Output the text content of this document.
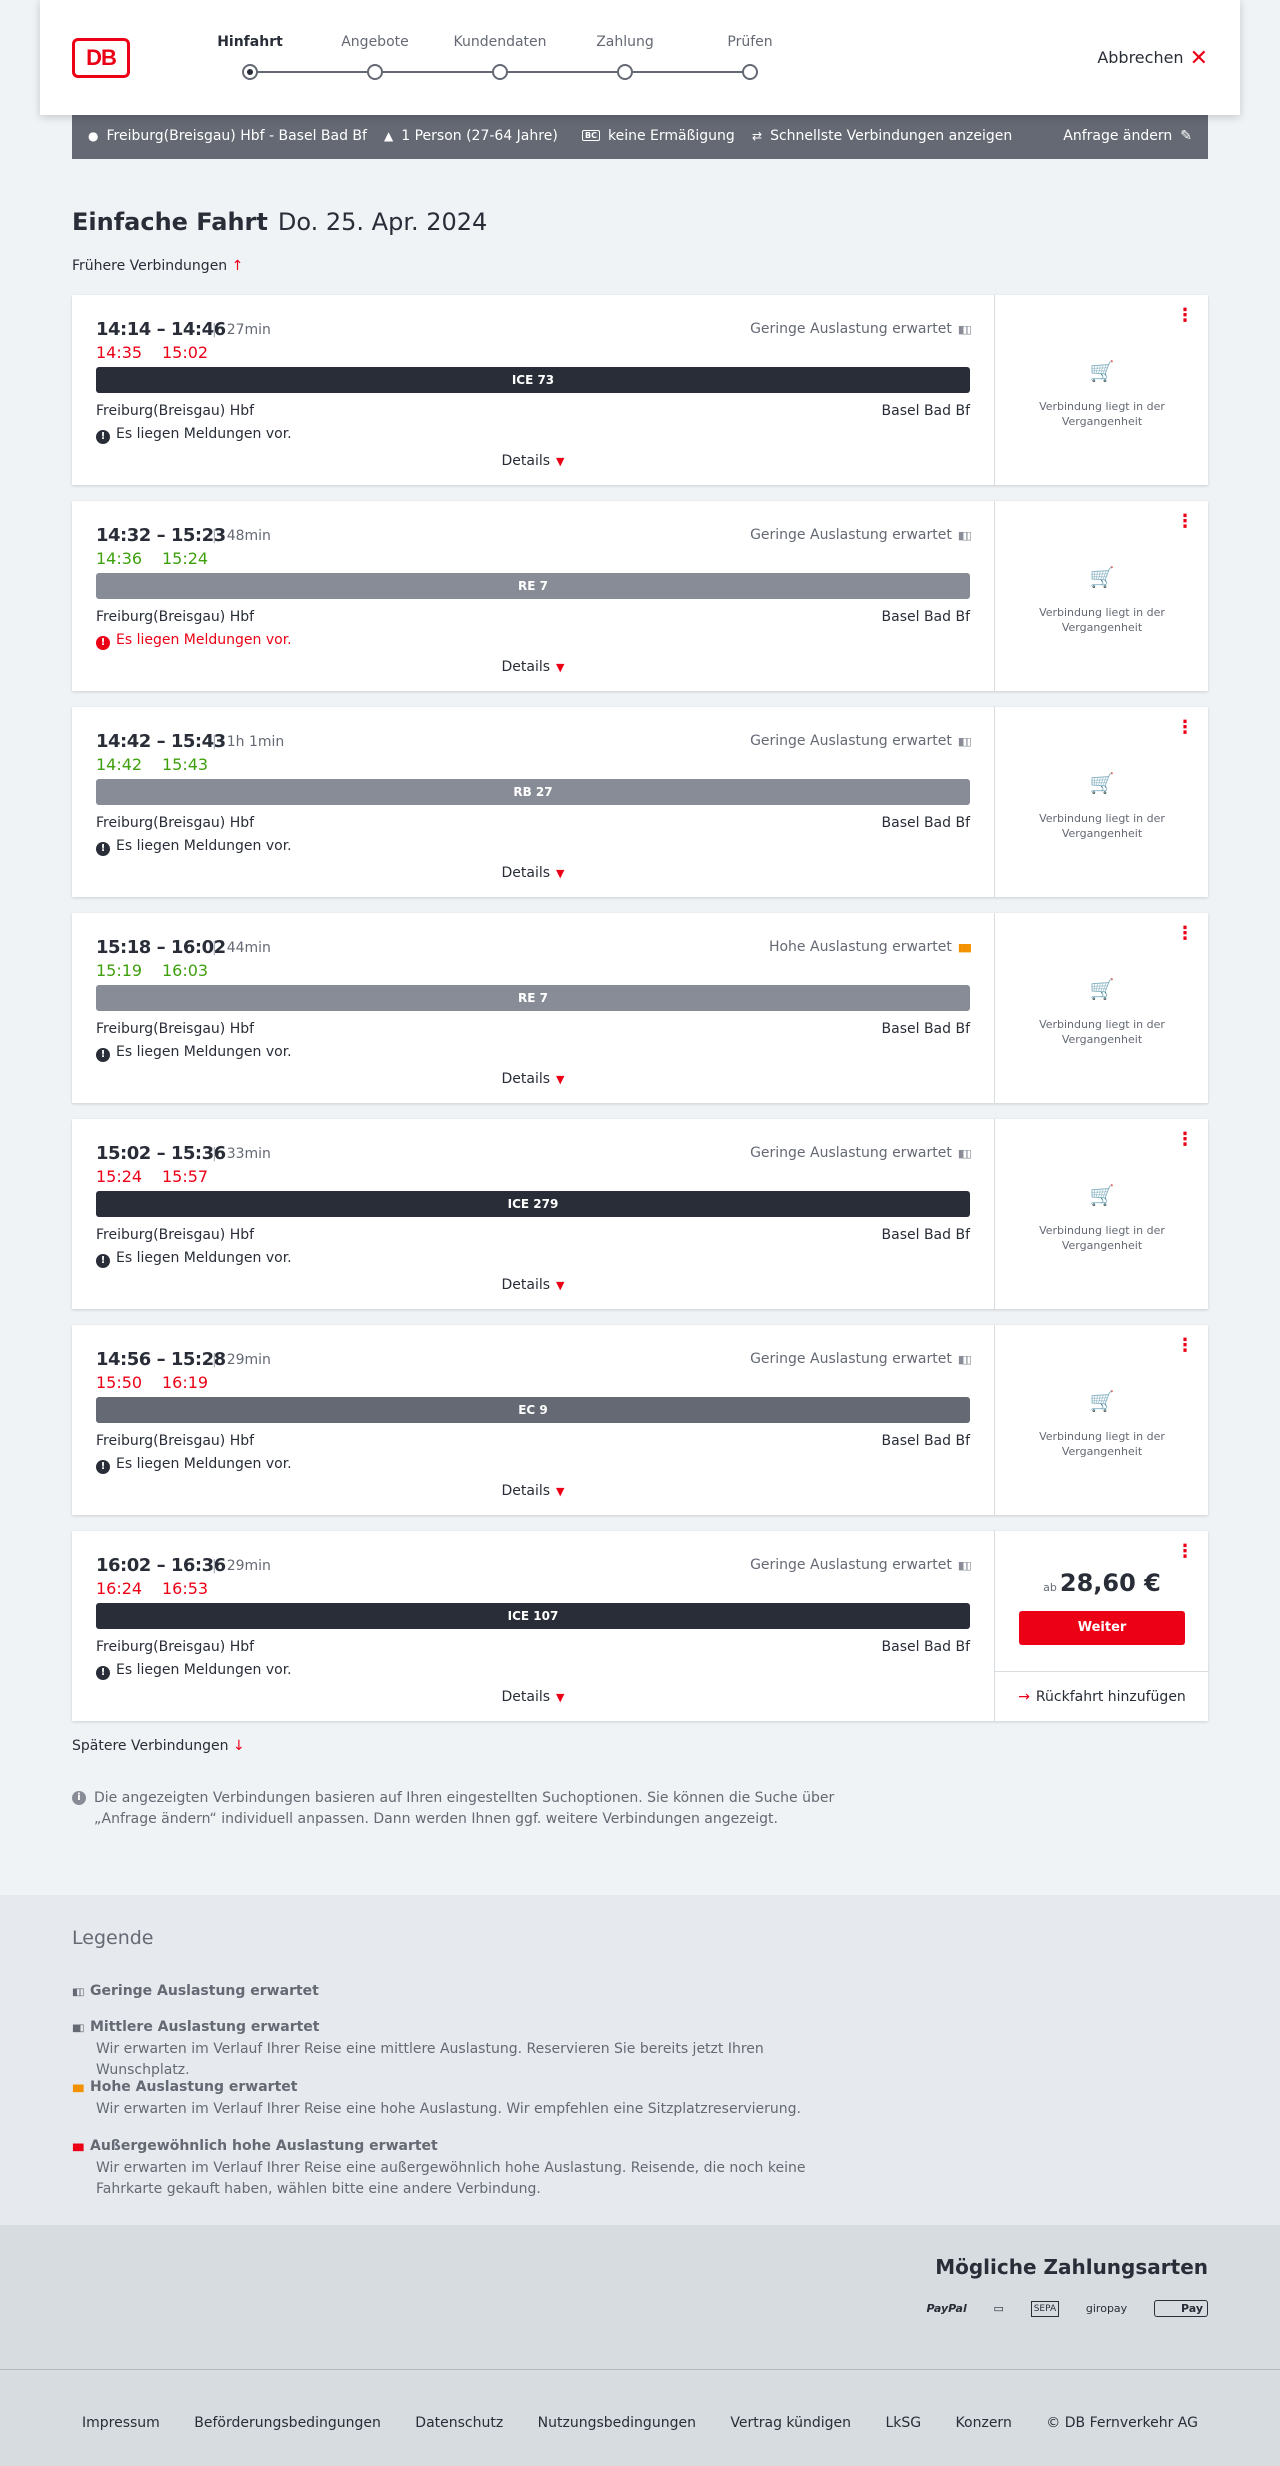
DB
Hinfahrt	Angebote	Kundendaten	Zahlung	Prüfen
Abbrechen ✕
● Freiburg(Breisgau) Hbf - Basel Bad Bf ▲ 1 Person (27-64 Jahre)	BC keine Ermäßigung ⇄ Schnellste Verbindungen anzeigen	Anfrage ändern ✎
Einfache Fahrt Do. 25. Apr. 2024
Frühere Verbindungen ↑
14:14 – 14:46 | 27min
14:35 15:02
Geringe Auslastung erwartet ▮▯▯
ICE 73
Freiburg(Breisgau) Hbf	Basel Bad Bf
! Es liegen Meldungen vor.
Details ▼
⋮
🛒
Verbindung liegt in der Vergangenheit
14:32 – 15:23 | 48min
14:36 15:24
Geringe Auslastung erwartet ▮▯▯
RE 7
Freiburg(Breisgau) Hbf	Basel Bad Bf
! Es liegen Meldungen vor.
Details ▼
⋮
🛒
Verbindung liegt in der Vergangenheit
14:42 – 15:43 | 1h 1min
14:42 15:43
Geringe Auslastung erwartet ▮▯▯
RB 27
Freiburg(Breisgau) Hbf	Basel Bad Bf
! Es liegen Meldungen vor.
Details ▼
⋮
🛒
Verbindung liegt in der Vergangenheit
15:18 – 16:02 | 44min
15:19 16:03
Hohe Auslastung erwartet ▮▮▮
RE 7
Freiburg(Breisgau) Hbf	Basel Bad Bf
! Es liegen Meldungen vor.
Details ▼
⋮
🛒
Verbindung liegt in der Vergangenheit
15:02 – 15:36 | 33min
15:24 15:57
Geringe Auslastung erwartet ▮▯▯
ICE 279
Freiburg(Breisgau) Hbf	Basel Bad Bf
! Es liegen Meldungen vor.
Details ▼
⋮
🛒
Verbindung liegt in der Vergangenheit
14:56 – 15:28 | 29min
15:50 16:19
Geringe Auslastung erwartet ▮▯▯
EC 9
Freiburg(Breisgau) Hbf	Basel Bad Bf
! Es liegen Meldungen vor.
Details ▼
⋮
🛒
Verbindung liegt in der Vergangenheit
16:02 – 16:36 | 29min
16:24 16:53
Geringe Auslastung erwartet ▮▯▯
ICE 107
Freiburg(Breisgau) Hbf	Basel Bad Bf
! Es liegen Meldungen vor.
Details ▼
⋮
ab 28,60 €
Weiter
→ Rückfahrt hinzufügen
Spätere Verbindungen ↓
i Die angezeigten Verbindungen basieren auf Ihren eingestellten Suchoptionen. Sie können die Suche über „Anfrage ändern“ individuell anpassen. Dann werden Ihnen ggf. weitere Verbindungen angezeigt.

Legende
▮▯▯ Geringe Auslastung erwartet
▮▮▯ Mittlere Auslastung erwartet

Wir erwarten im Verlauf Ihrer Reise eine mittlere Auslastung. Reservieren Sie bereits jetzt Ihren Wunschplatz.

▮▮▮ Hohe Auslastung erwartet

Wir erwarten im Verlauf Ihrer Reise eine hohe Auslastung. Wir empfehlen eine Sitzplatzreservierung.

▮▮▮ Außergewöhnlich hohe Auslastung erwartet

Wir erwarten im Verlauf Ihrer Reise eine außergewöhnlich hohe Auslastung. Reisende, die noch keine Fahrkarte gekauft haben, wählen bitte eine andere Verbindung.

Mögliche Zahlungsarten
PayPal ▭	SEPA	giropay	Pay
Impressum Beförderungsbedingungen Datenschutz Nutzungsbedingungen Vertrag kündigen LkSG Konzern © DB Fernverkehr AG
